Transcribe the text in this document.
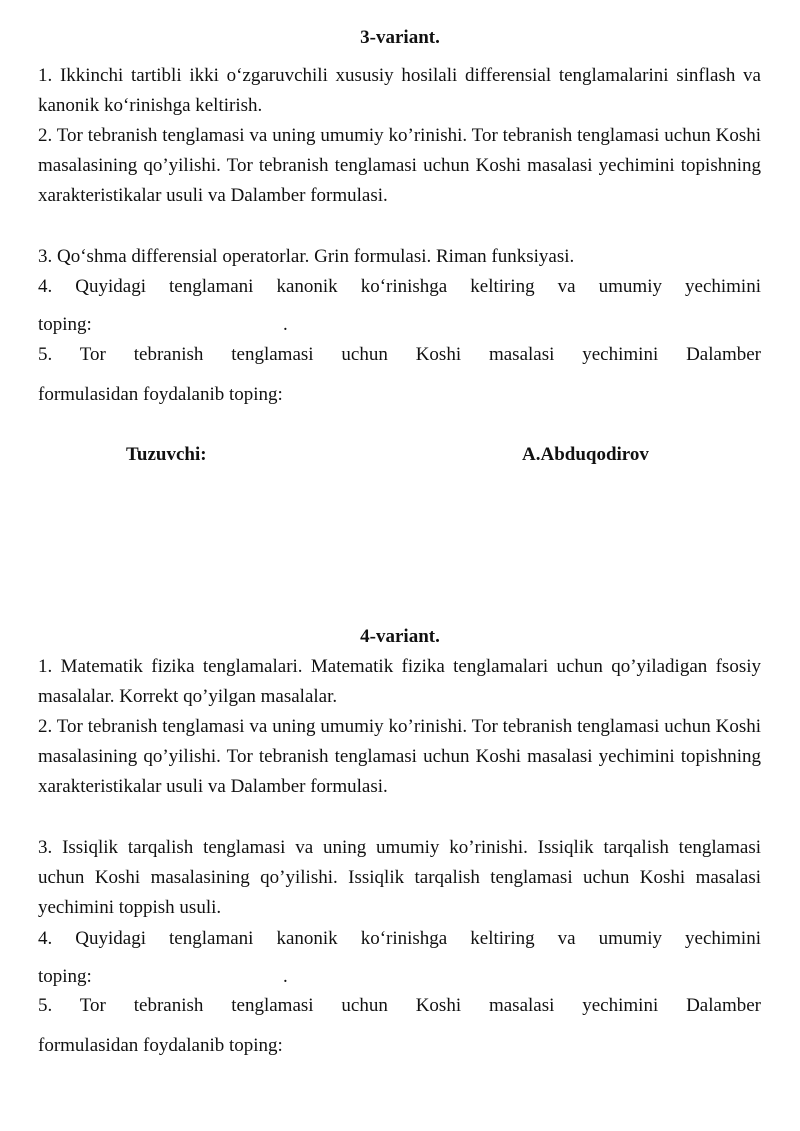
3-variant.

1. Ikkinchi tartibli ikki o‘zgaruvchili xususiy hosilali differensial tenglamalarini sinflash va kanonik ko‘rinishga keltirish.

2. Tor tebranish tenglamasi va uning umumiy ko’rinishi. Tor tebranish tenglamasi uchun Koshi masalasining qo’yilishi. Tor tebranish tenglamasi uchun Koshi masalasi yechimini topishning xarakteristikalar usuli va Dalamber formulasi.

3. Qo‘shma differensial operatorlar. Grin formulasi. Riman funksiyasi.

4. Quyidagi tenglamani kanonik ko‘rinishga keltiring va umumiy yechimini

toping:	.

5. Tor tebranish tenglamasi uchun Koshi masalasi yechimini Dalamber

formulasidan foydalanib toping:

Tuzuvchi:	A.Abduqodirov
4-variant.

1. Matematik fizika tenglamalari. Matematik fizika tenglamalari uchun qo’yiladigan fsosiy masalalar. Korrekt qo’yilgan masalalar.

2. Tor tebranish tenglamasi va uning umumiy ko’rinishi. Tor tebranish tenglamasi uchun Koshi masalasining qo’yilishi. Tor tebranish tenglamasi uchun Koshi masalasi yechimini topishning xarakteristikalar usuli va Dalamber formulasi.

3. Issiqlik tarqalish tenglamasi va uning umumiy ko’rinishi. Issiqlik tarqalish tenglamasi uchun Koshi masalasining qo’yilishi. Issiqlik tarqalish tenglamasi uchun Koshi masalasi yechimini toppish usuli.

4. Quyidagi tenglamani kanonik ko‘rinishga keltiring va umumiy yechimini

toping:	.

5. Tor tebranish tenglamasi uchun Koshi masalasi yechimini Dalamber

formulasidan foydalanib toping:
